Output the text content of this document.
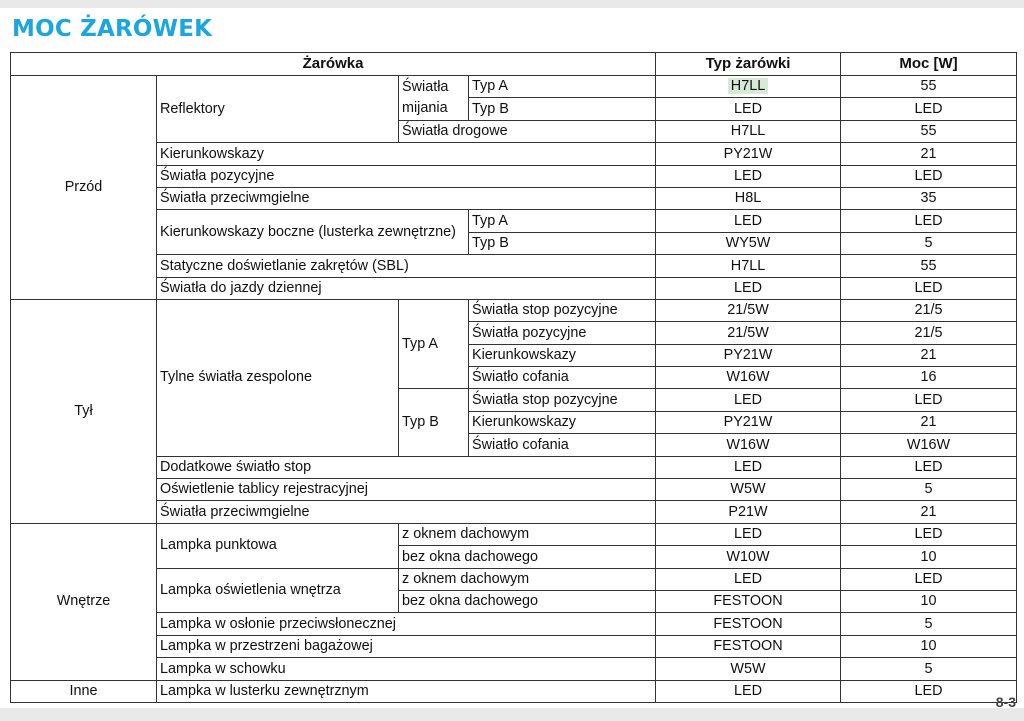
MOC ŻARÓWEK
Żarówka				Typ żarówki	Moc [W]
Przód	Reflektory	Światła mijania	Typ A	H7LL	55
			Typ B	LED	LED
		Światła drogowe		H7LL	55
	Kierunkowskazy			PY21W	21
	Światła pozycyjne			LED	LED
	Światła przeciwmgielne			H8L	35
	Kierunkowskazy boczne (lusterka zewnętrzne)		Typ A	LED	LED
			Typ B	WY5W	5
	Statyczne doświetlanie zakrętów (SBL)			H7LL	55
	Światła do jazdy dziennej			LED	LED
Tył	Tylne światła zespolone	Typ A	Światła stop pozycyjne	21/5W	21/5
			Światła pozycyjne	21/5W	21/5
			Kierunkowskazy	PY21W	21
			Światło cofania	W16W	16
		Typ B	Światła stop pozycyjne	LED	LED
			Kierunkowskazy	PY21W	21
			Światło cofania	W16W	W16W
	Dodatkowe światło stop			LED	LED
	Oświetlenie tablicy rejestracyjnej			W5W	5
	Światła przeciwmgielne			P21W	21
Wnętrze	Lampka punktowa	z oknem dachowym		LED	LED
		bez okna dachowego		W10W	10
	Lampka oświetlenia wnętrza	z oknem dachowym		LED	LED
		bez okna dachowego		FESTOON	10
	Lampka w osłonie przeciwsłonecznej			FESTOON	5
	Lampka w przestrzeni bagażowej			FESTOON	10
	Lampka w schowku			W5W	5
Inne	Lampka w lusterku zewnętrznym			LED	LED
8-3
